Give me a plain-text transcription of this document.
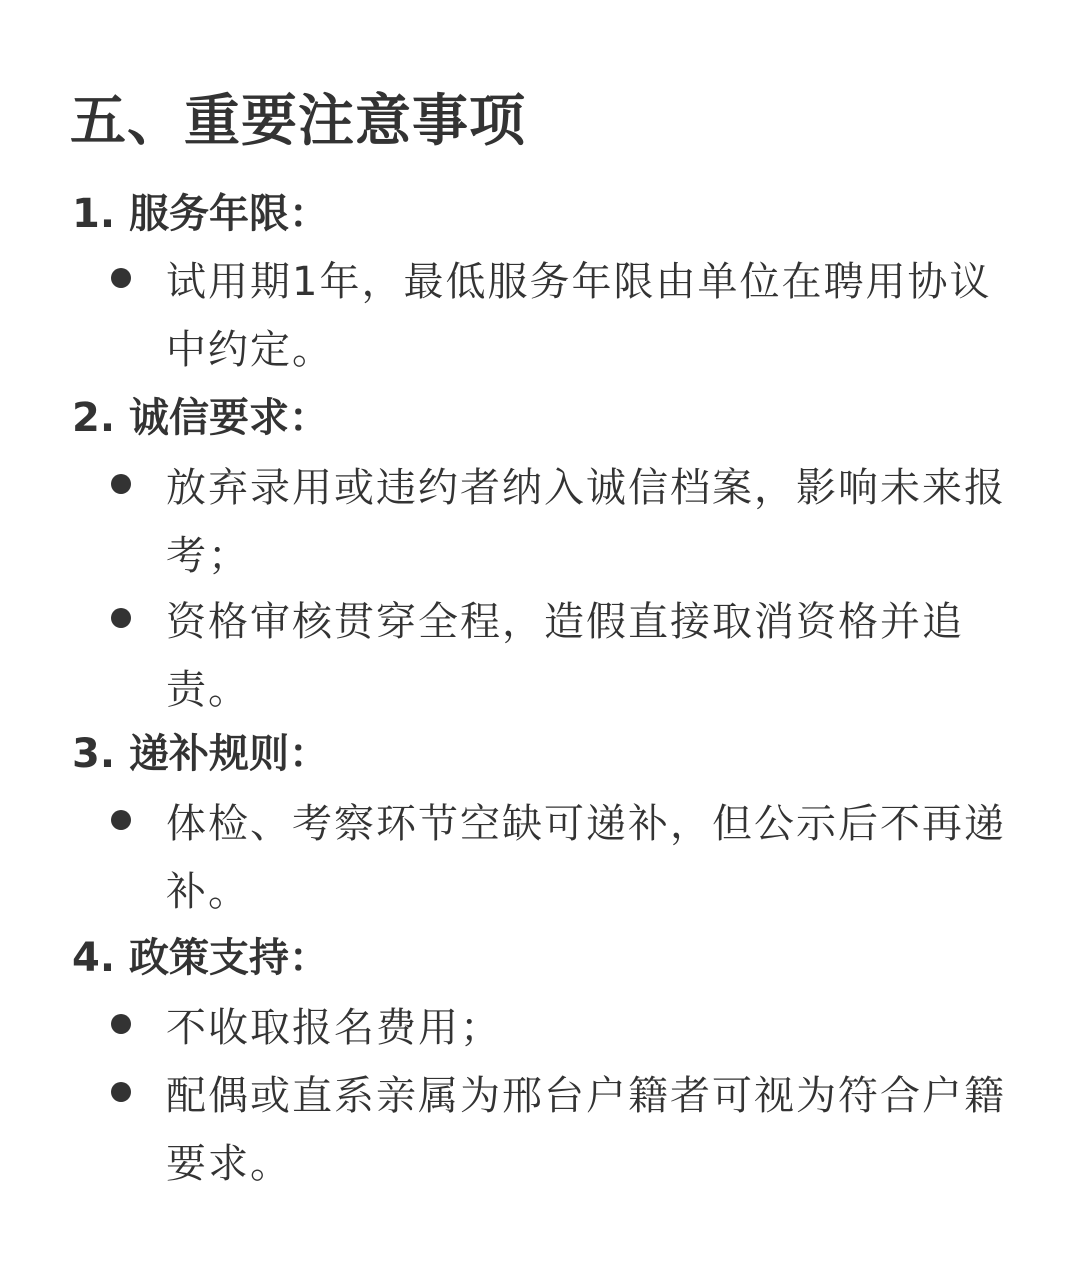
五、重要注意事项
1. 服务年限：
试用期1年，最低服务年限由单位在聘用协议中约定。
2. 诚信要求：
放弃录用或违约者纳入诚信档案，影响未来报考；
资格审核贯穿全程，造假直接取消资格并追责。
3. 递补规则：
体检、考察环节空缺可递补，但公示后不再递补。
4. 政策支持：
不收取报名费用；
配偶或直系亲属为邢台户籍者可视为符合户籍要求。
